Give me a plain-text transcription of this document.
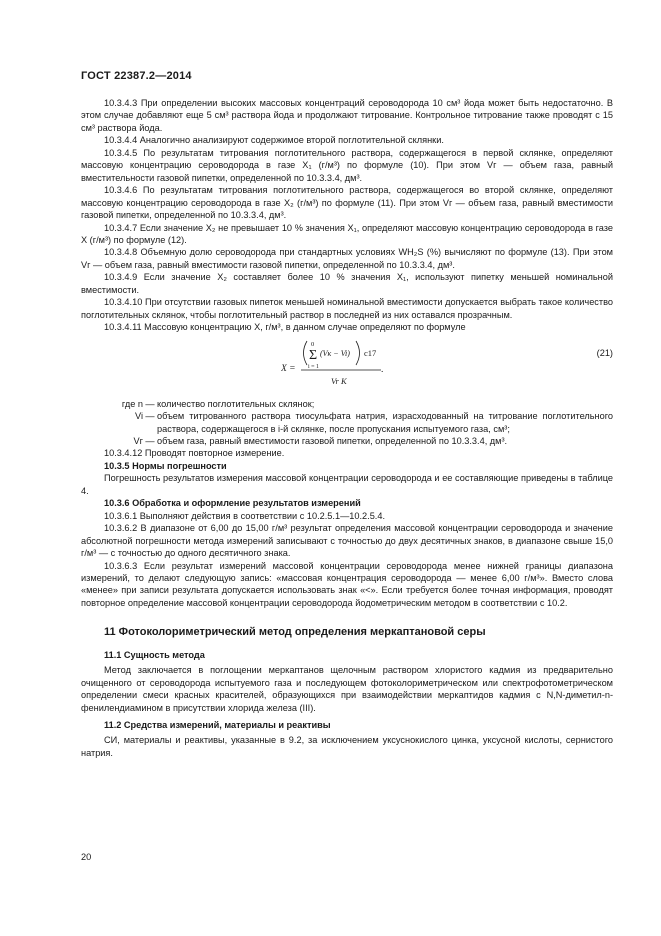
ГОСТ 22387.2—2014

10.3.4.3 При определении высоких массовых концентраций сероводорода 10 см³ йода может быть недостаточно. В этом случае добавляют еще 5 см³ раствора йода и продолжают титрование. Контрольное титрование также проводят с 15 см³ раствора йода.

10.3.4.4 Аналогично анализируют содержимое второй поглотительной склянки.

10.3.4.5 По результатам титрования поглотительного раствора, содержащегося в первой склянке, определяют массовую концентрацию сероводорода в газе X₁ (г/м³) по формуле (10). При этом Vг — объем газа, равный вместительности газовой пипетки, определенной по 10.3.3.4, дм³.

10.3.4.6 По результатам титрования поглотительного раствора, содержащегося во второй склянке, определяют массовую концентрацию сероводорода в газе X₂ (г/м³) по формуле (11). При этом Vг — объем газа, равный вместимости газовой пипетки, определенной по 10.3.3.4, дм³.

10.3.4.7 Если значение X₂ не превышает 10 % значения X₁, определяют массовую концентрацию сероводорода в газе X (г/м³) по формуле (12).

10.3.4.8 Объемную долю сероводорода при стандартных условиях WH₂S (%) вычисляют по формуле (13). При этом Vг — объем газа, равный вместимости газовой пипетки, определенной по 10.3.3.4, дм³.

10.3.4.9 Если значение X₂ составляет более 10 % значения X₁, используют пипетку меньшей номинальной вместимости.

10.3.4.10 При отсутствии газовых пипеток меньшей номинальной вместимости допускается выбрать такое количество поглотительных склянок, чтобы поглотительный раствор в последней из них оставался прозрачным.

10.3.4.11 Массовую концентрацию X, г/м³, в данном случае определяют по формуле

X =
0
Σ
i = 1
(Vк − Vi) c17
.
Vr K
(21)
где n — количество поглотительных склянок;
Vi — объем титрованного раствора тиосульфата натрия, израсходованный на титрование поглотительного раствора, содержащегося в i-й склянке, после пропускания испытуемого газа, см³;
Vг — объем газа, равный вместимости газовой пипетки, определенной по 10.3.3.4, дм³.

10.3.4.12 Проводят повторное измерение.

10.3.5 Нормы погрешности

Погрешность результатов измерения массовой концентрации сероводорода и ее составляющие приведены в таблице 4.

10.3.6 Обработка и оформление результатов измерений

10.3.6.1 Выполняют действия в соответствии с 10.2.5.1—10.2.5.4.

10.3.6.2 В диапазоне от 6,00 до 15,00 г/м³ результат определения массовой концентрации сероводорода и значение абсолютной погрешности метода измерений записывают с точностью до двух десятичных знаков, в диапазоне свыше 15,0 г/м³ — с точностью до одного десятичного знака.

10.3.6.3 Если результат измерений массовой концентрации сероводорода менее нижней границы диапазона измерений, то делают следующую запись: «массовая концентрация сероводорода — менее 6,00 г/м³». Вместо слова «менее» при записи результата допускается использовать знак «<». Если требуется более точная информация, проводят повторное определение массовой концентрации сероводорода йодометрическим методом в соответствии с 10.2.

11 Фотоколориметрический метод определения меркаптановой серы

11.1 Сущность метода

Метод заключается в поглощении меркаптанов щелочным раствором хлористого кадмия из предварительно очищенного от сероводорода испытуемого газа и последующем фотоколориметрическом или спектрофотометрическом определении смеси красных красителей, образующихся при взаимодействии меркаптидов кадмия с N,N-диметил-n-фенилендиамином в присутствии хлорида железа (III).

11.2 Средства измерений, материалы и реактивы

СИ, материалы и реактивы, указанные в 9.2, за исключением уксуснокислого цинка, уксусной кислоты, сернистого натрия.

20
